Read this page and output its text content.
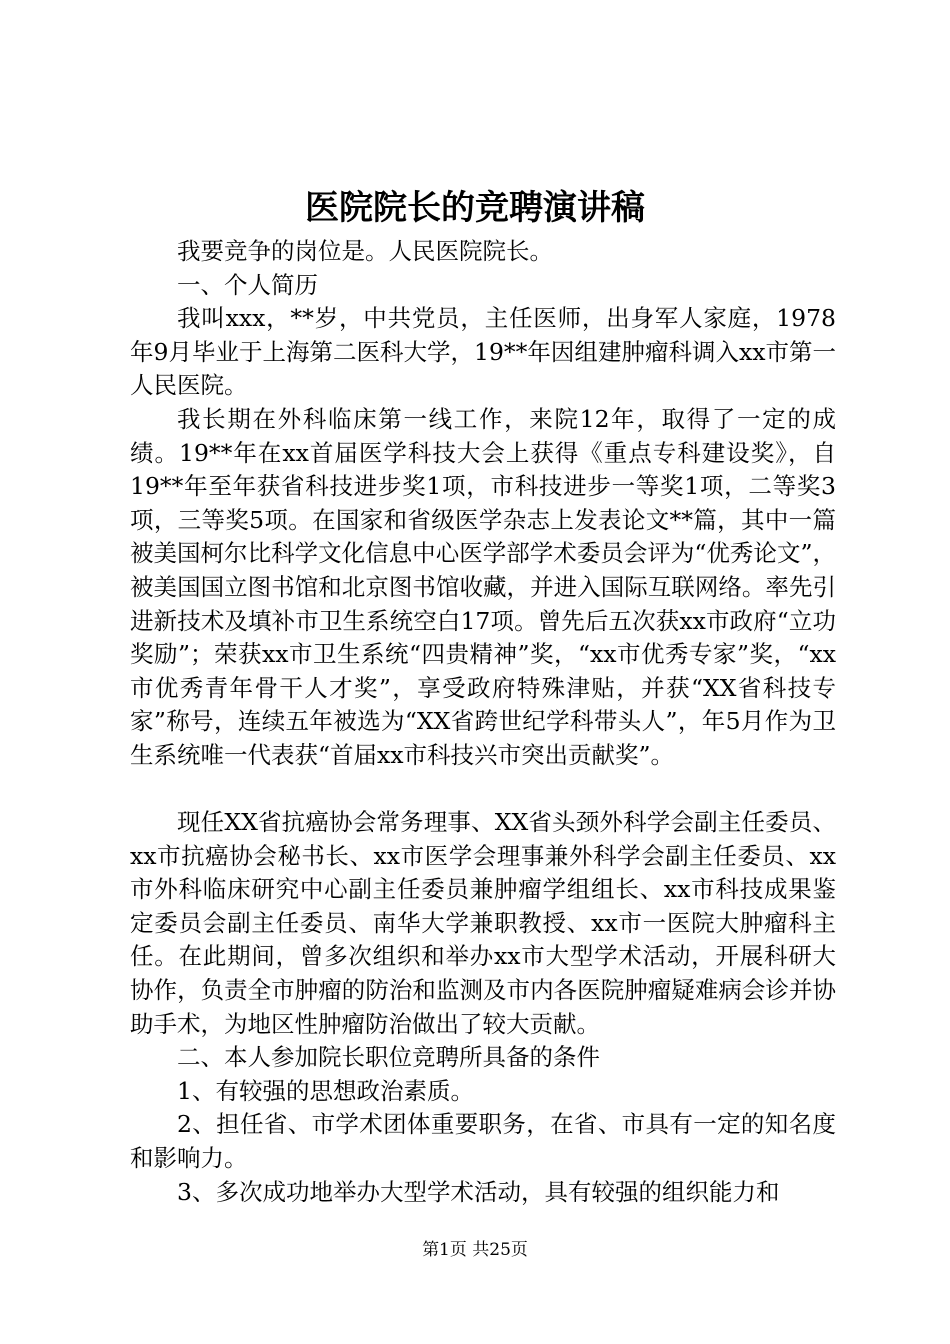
医院院长的竞聘演讲稿

我要竞争的岗位是。人民医院院长。

一、个人简历

我叫xxx，**岁，中共党员，主任医师，出身军人家庭，1978年9月毕业于上海第二医科大学，19**年因组建肿瘤科调入xx市第一人民医院。

我长期在外科临床第一线工作，来院12年，取得了一定的成绩。19**年在xx首届医学科技大会上获得《重点专科建设奖》，自19**年至年获省科技进步奖1项，市科技进步一等奖1项，二等奖3项，三等奖5项。在国家和省级医学杂志上发表论文**篇，其中一篇被美国柯尔比科学文化信息中心医学部学术委员会评为“优秀论文”，被美国国立图书馆和北京图书馆收藏，并进入国际互联网络。率先引进新技术及填补市卫生系统空白17项。曾先后五次获xx市政府“立功奖励”；荣获xx市卫生系统“四贵精神”奖，“xx市优秀专家”奖，“xx市优秀青年骨干人才奖”，享受政府特殊津贴，并获“XX省科技专家”称号，连续五年被选为“XX省跨世纪学科带头人”，年5月作为卫生系统唯一代表获“首届xx市科技兴市突出贡献奖”。

现任XX省抗癌协会常务理事、XX省头颈外科学会副主任委员、xx市抗癌协会秘书长、xx市医学会理事兼外科学会副主任委员、xx市外科临床研究中心副主任委员兼肿瘤学组组长、xx市科技成果鉴定委员会副主任委员、南华大学兼职教授、xx市一医院大肿瘤科主任。在此期间，曾多次组织和举办xx市大型学术活动，开展科研大协作，负责全市肿瘤的防治和监测及市内各医院肿瘤疑难病会诊并协助手术，为地区性肿瘤防治做出了较大贡献。

二、本人参加院长职位竞聘所具备的条件

1、有较强的思想政治素质。

2、担任省、市学术团体重要职务，在省、市具有一定的知名度和影响力。

3、多次成功地举办大型学术活动，具有较强的组织能力和

第1页 共25页
